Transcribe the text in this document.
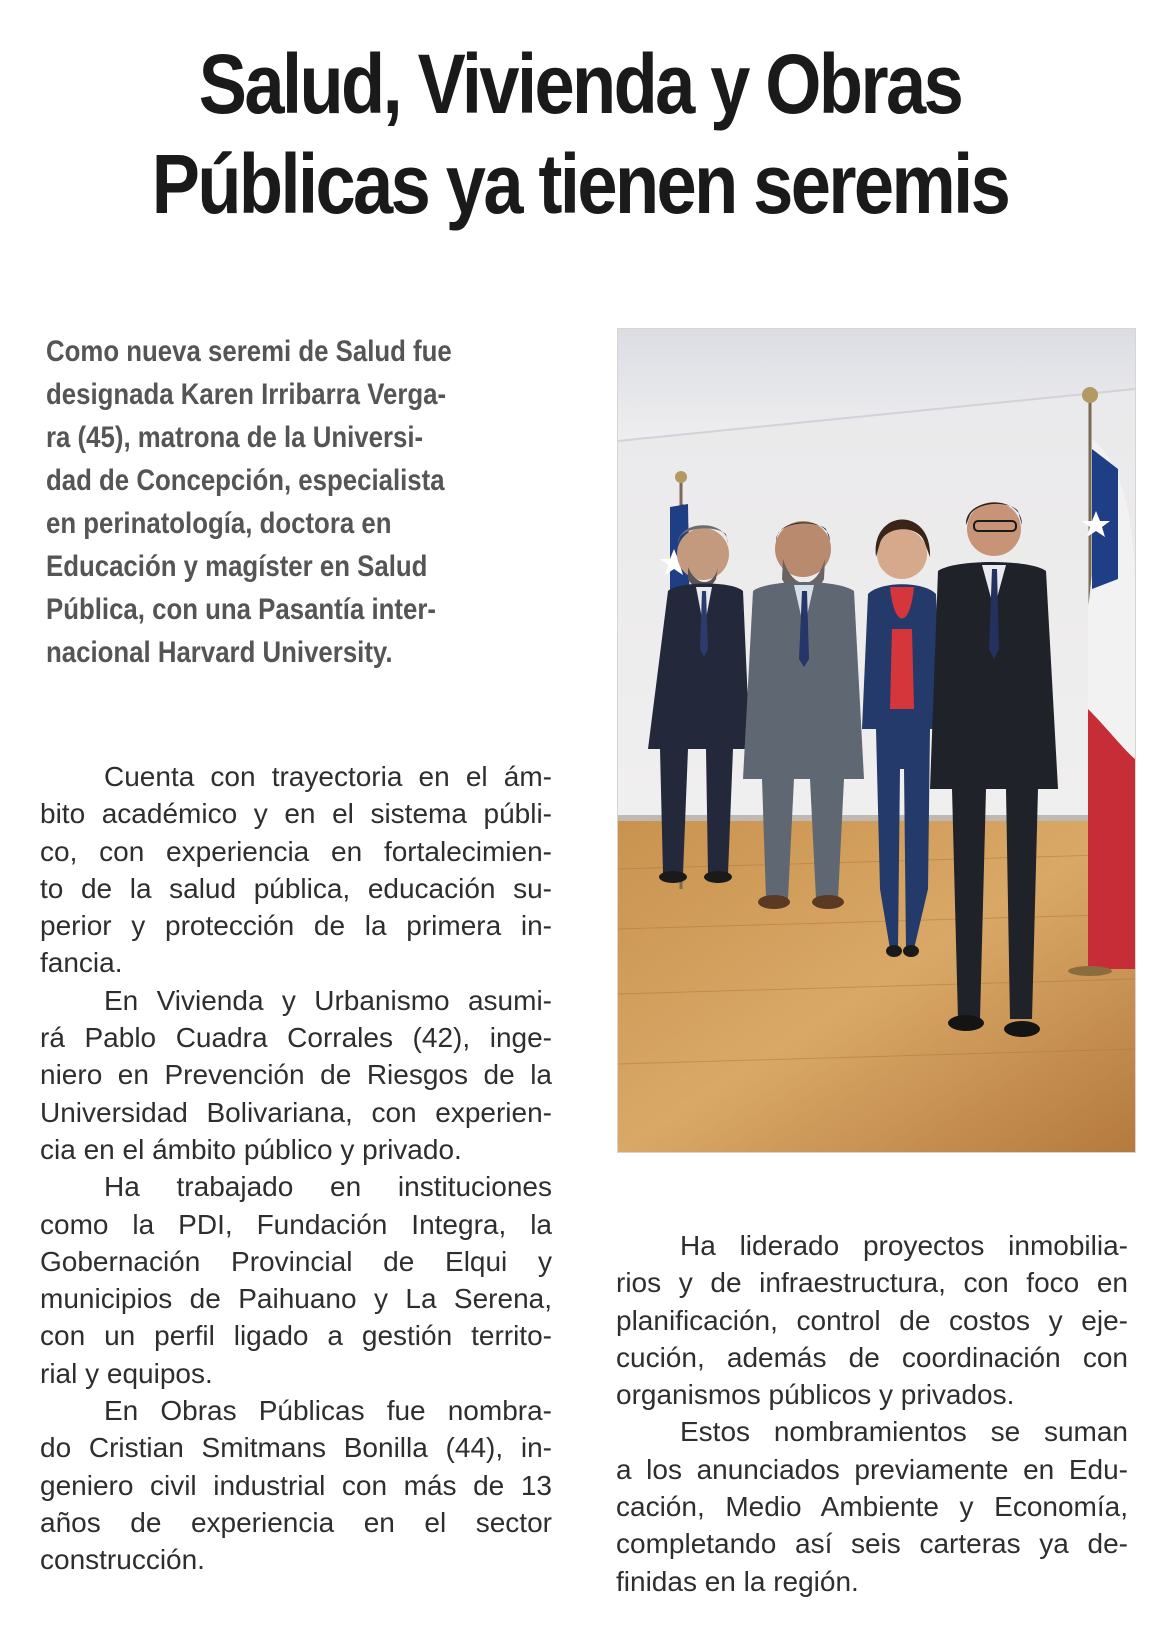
Salud, Vivienda y Obras
Públicas ya tienen seremis
Como nueva seremi de Salud fue
designada Karen Irribarra Verga-
ra (45), matrona de la Universi-
dad de Concepción, especialista
en perinatología, doctora en
Educación y magíster en Salud
Pública, con una Pasantía inter-
nacional Harvard University.

Cuenta con trayectoria en el ám-
bito académico y en el sistema públi-
co, con experiencia en fortalecimien-
to de la salud pública, educación su-
perior y protección de la primera in-
fancia.

En Vivienda y Urbanismo asumi-
rá Pablo Cuadra Corrales (42), inge-
niero en Prevención de Riesgos de la
Universidad Bolivariana, con experien-
cia en el ámbito público y privado.

Ha trabajado en instituciones
como la PDI, Fundación Integra, la
Gobernación Provincial de Elqui y
municipios de Paihuano y La Serena,
con un perfil ligado a gestión territo-
rial y equipos.

En Obras Públicas fue nombra-
do Cristian Smitmans Bonilla (44), in-
geniero civil industrial con más de 13
años de experiencia en el sector
construcción.

Ha liderado proyectos inmobilia-
rios y de infraestructura, con foco en
planificación, control de costos y eje-
cución, además de coordinación con
organismos públicos y privados.

Estos nombramientos se suman
a los anunciados previamente en Edu-
cación, Medio Ambiente y Economía,
completando así seis carteras ya de-
finidas en la región.
